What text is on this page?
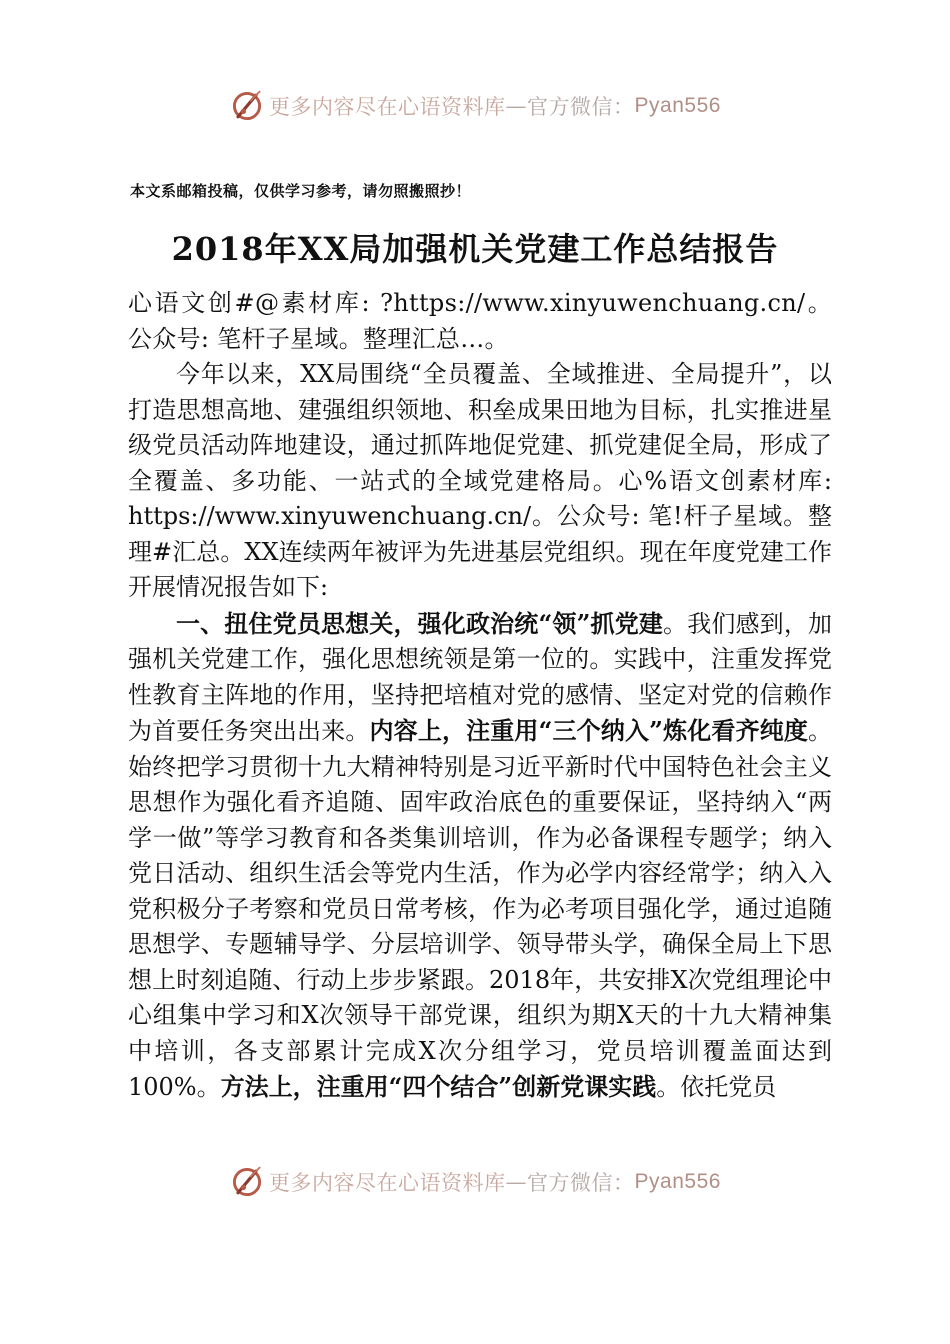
更多内容尽在心语资料库 — 官方微信： Pyan556
本文系邮箱投稿，仅供学习参考，请勿照搬照抄！
2018年XX局加强机关党建工作总结报告

心语文创#@素材库: ?https://www.xinyuwenchuang.cn/。公众号: 笔杆子星域。整理汇总…。

今年以来，XX局围绕“全员覆盖、全域推进、全局提升”，以打造思想高地、建强组织领地、积垒成果田地为目标，扎实推进星级党员活动阵地建设，通过抓阵地促党建、抓党建促全局，形成了全覆盖、多功能、一站式的全域党建格局。心%语文创素材库: https://www.xinyuwenchuang.cn/。公众号: 笔!杆子星域。整理#汇总。XX连续两年被评为先进基层党组织。现在年度党建工作开展情况报告如下:

一、扭住党员思想关，强化政治统“领”抓党建。我们感到，加强机关党建工作，强化思想统领是第一位的。实践中，注重发挥党性教育主阵地的作用，坚持把培植对党的感情、坚定对党的信赖作为首要任务突出出来。内容上，注重用“三个纳入”炼化看齐纯度。始终把学习贯彻十九大精神特别是习近平新时代中国特色社会主义思想作为强化看齐追随、固牢政治底色的重要保证，坚持纳入“两学一做”等学习教育和各类集训培训，作为必备课程专题学；纳入党日活动、组织生活会等党内生活，作为必学内容经常学；纳入入党积极分子考察和党员日常考核，作为必考项目强化学，通过追随思想学、专题辅导学、分层培训学、领导带头学，确保全局上下思想上时刻追随、行动上步步紧跟。2018年，共安排X次党组理论中心组集中学习和X次领导干部党课，组织为期X天的十九大精神集中培训，各支部累计完成X次分组学习，党员培训覆盖面达到100%。方法上，注重用“四个结合”创新党课实践。依托党员

更多内容尽在心语资料库 — 官方微信： Pyan556
